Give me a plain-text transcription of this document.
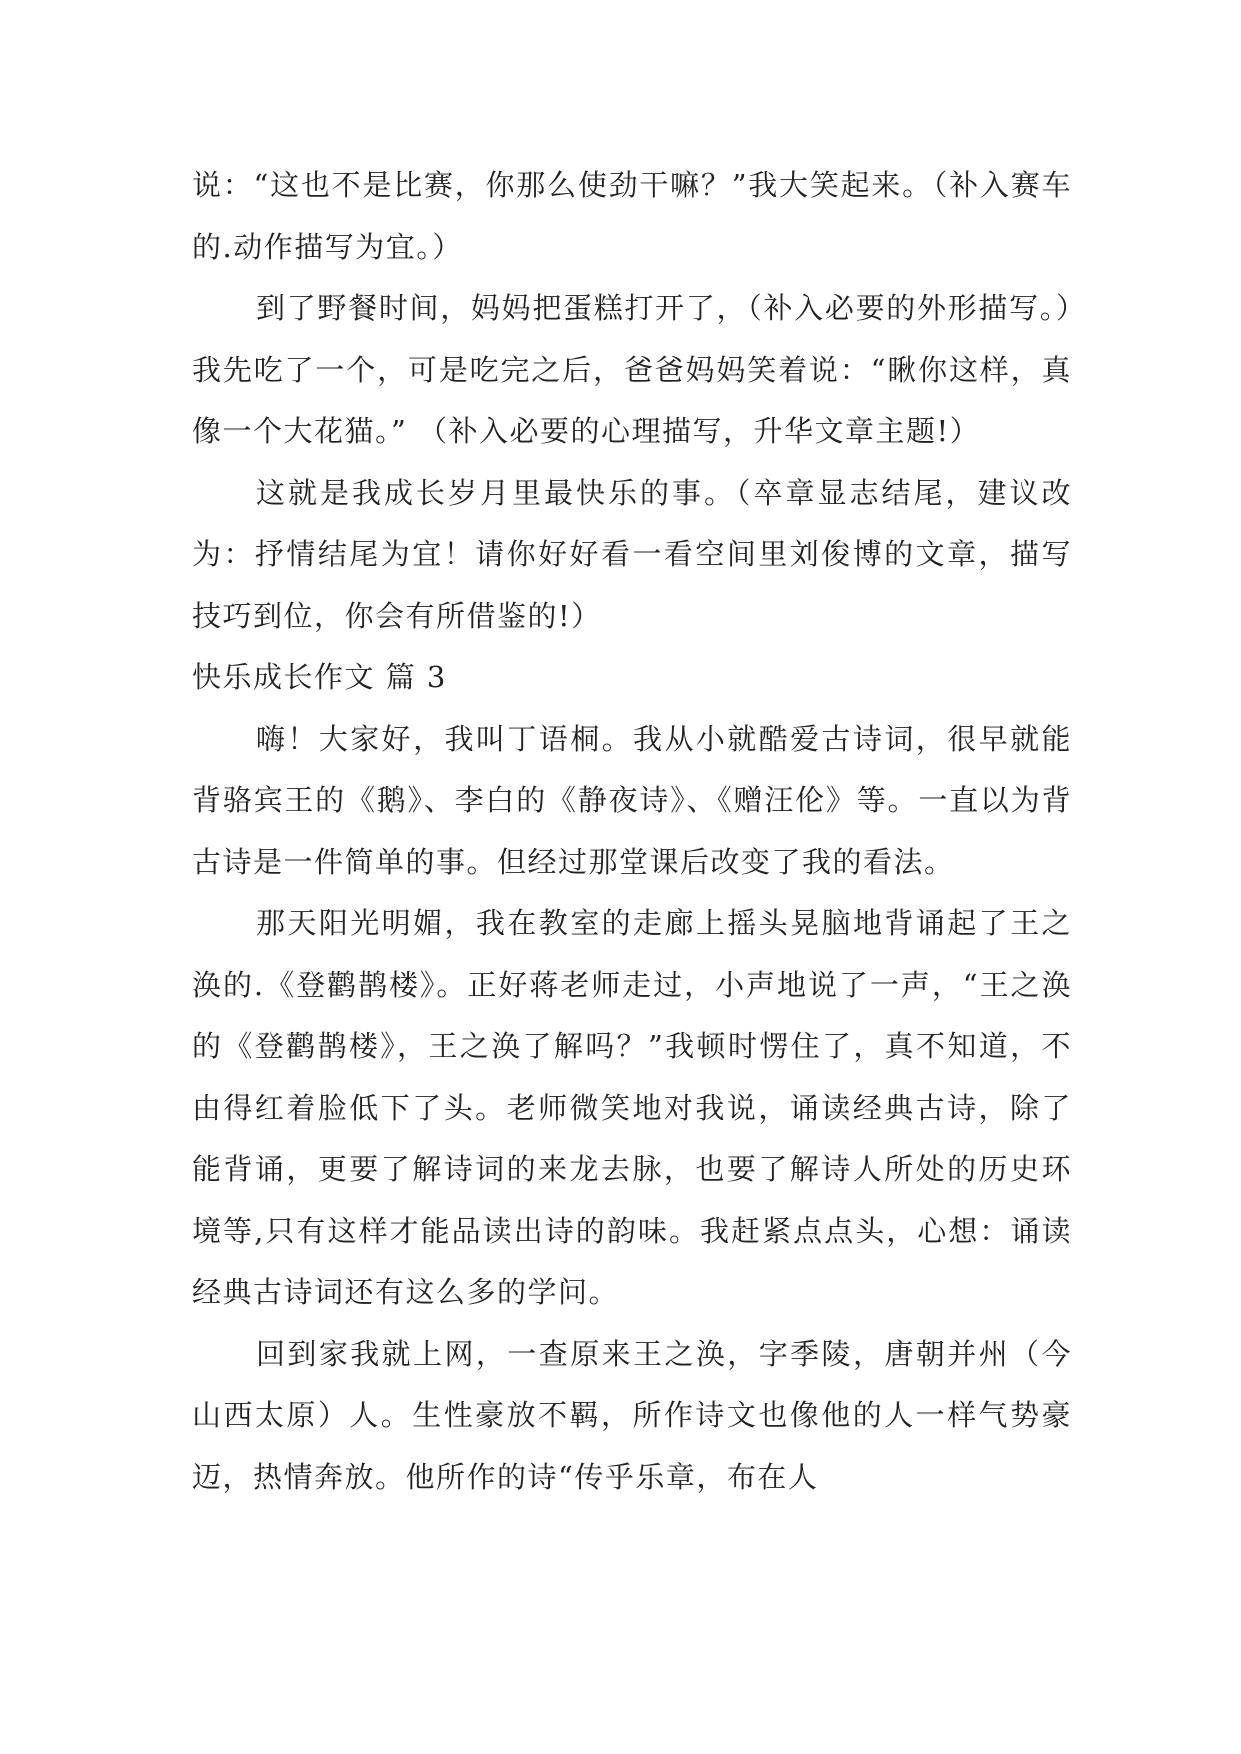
说：“这也不是比赛，你那么使劲干嘛？”我大笑起来。（补入赛车的.动作描写为宜。）

到了野餐时间，妈妈把蛋糕打开了，（补入必要的外形描写。）我先吃了一个，可是吃完之后，爸爸妈妈笑着说：“瞅你这样，真像一个大花猫。” （补入必要的心理描写，升华文章主题!）

这就是我成长岁月里最快乐的事。（卒章显志结尾，建议改为：抒情结尾为宜！请你好好看一看空间里刘俊博的文章，描写技巧到位，你会有所借鉴的!）

快乐成长作文 篇 3

嗨！大家好，我叫丁语桐。我从小就酷爱古诗词，很早就能背骆宾王的《鹅》、李白的《静夜诗》、《赠汪伦》等。一直以为背古诗是一件简单的事。但经过那堂课后改变了我的看法。

那天阳光明媚，我在教室的走廊上摇头晃脑地背诵起了王之涣的.《登鹳鹊楼》。正好蒋老师走过，小声地说了一声，“王之涣的《登鹳鹊楼》，王之涣了解吗？”我顿时愣住了，真不知道，不由得红着脸低下了头。老师微笑地对我说，诵读经典古诗，除了能背诵，更要了解诗词的来龙去脉，也要了解诗人所处的历史环境等,只有这样才能品读出诗的韵味。我赶紧点点头，心想：诵读经典古诗词还有这么多的学问。

回到家我就上网，一查原来王之涣，字季陵，唐朝并州（今山西太原）人。生性豪放不羁，所作诗文也像他的人一样气势豪迈，热情奔放。他所作的诗“传乎乐章，布在人
